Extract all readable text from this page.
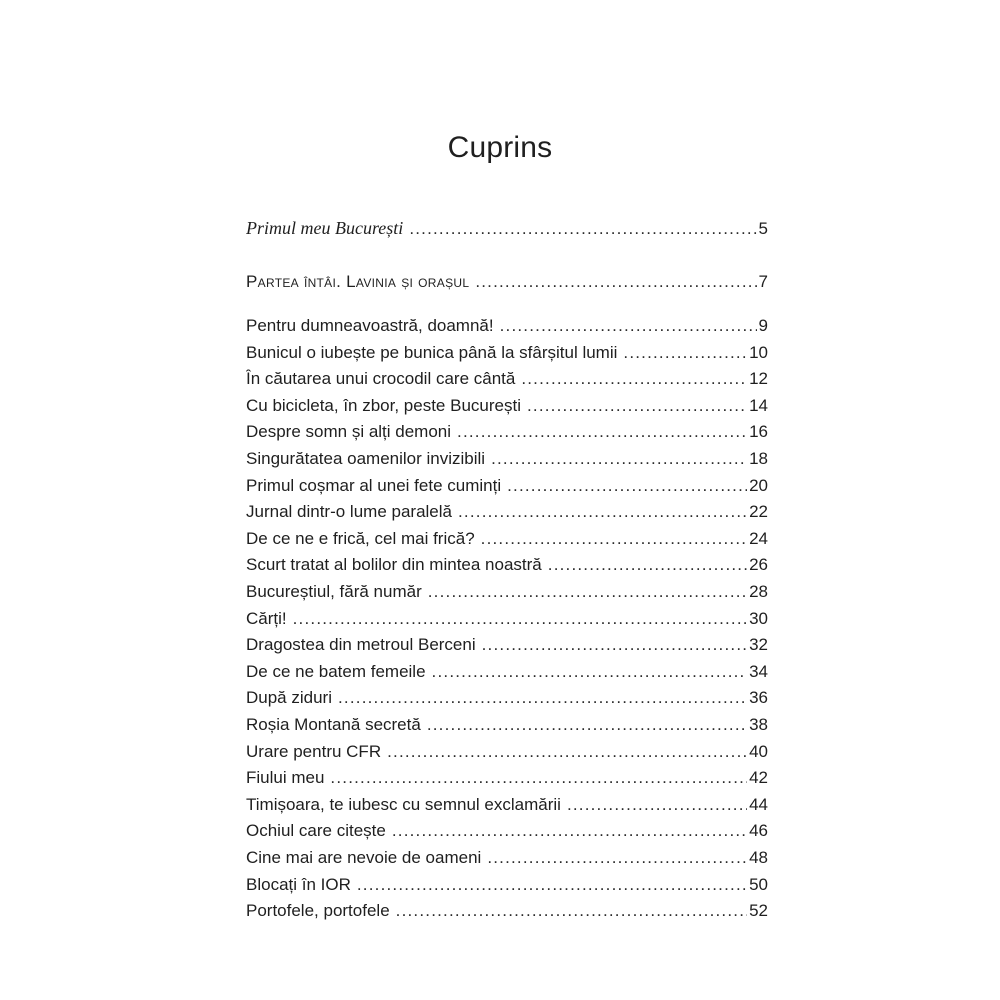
Cuprins
Primul meu București .....	5
Partea întâi. Lavinia și orașul .....	7
Pentru dumneavoastră, doamnă! .....	9
Bunicul o iubește pe bunica până la sfârșitul lumii .....	10
În căutarea unui crocodil care cântă .....	12
Cu bicicleta, în zbor, peste București .....	14
Despre somn și alți demoni .....	16
Singurătatea oamenilor invizibili .....	18
Primul coșmar al unei fete cuminți .....	20
Jurnal dintr-o lume paralelă .....	22
De ce ne e frică, cel mai frică? .....	24
Scurt tratat al bolilor din mintea noastră .....	26
Bucureștiul, fără număr .....	28
Cărți! .....	30
Dragostea din metroul Berceni .....	32
De ce ne batem femeile .....	34
După ziduri .....	36
Roșia Montană secretă .....	38
Urare pentru CFR .....	40
Fiului meu .....	42
Timișoara, te iubesc cu semnul exclamării .....	44
Ochiul care citește .....	46
Cine mai are nevoie de oameni .....	48
Blocați în IOR .....	50
Portofele, portofele .....	52
